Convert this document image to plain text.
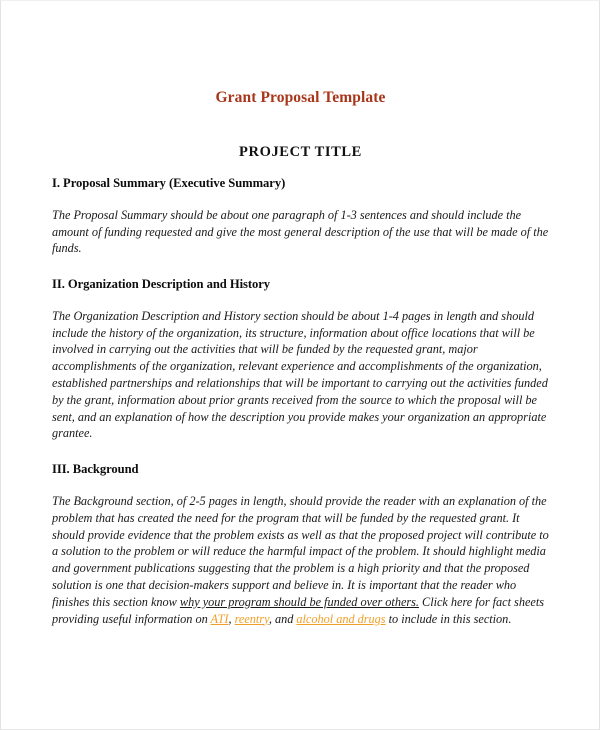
Grant Proposal Template
PROJECT TITLE
I. Proposal Summary (Executive Summary)

The Proposal Summary should be about one paragraph of 1-3 sentences and should include the amount of funding requested and give the most general description of the use that will be made of the funds.

II. Organization Description and History

The Organization Description and History section should be about 1-4 pages in length and should include the history of the organization, its structure, information about office locations that will be involved in carrying out the activities that will be funded by the requested grant, major accomplishments of the organization, relevant experience and accomplishments of the organization, established partnerships and relationships that will be important to carrying out the activities funded by the grant, information about prior grants received from the source to which the proposal will be sent, and an explanation of how the description you provide makes your organization an appropriate grantee.

III. Background

The Background section, of 2-5 pages in length, should provide the reader with an explanation of the problem that has created the need for the program that will be funded by the requested grant. It should provide evidence that the problem exists as well as that the proposed project will contribute to a solution to the problem or will reduce the harmful impact of the problem. It should highlight media and government publications suggesting that the problem is a high priority and that the proposed solution is one that decision-makers support and believe in. It is important that the reader who finishes this section know why your program should be funded over others. Click here for fact sheets providing useful information on ATI, reentry, and alcohol and drugs to include in this section.
